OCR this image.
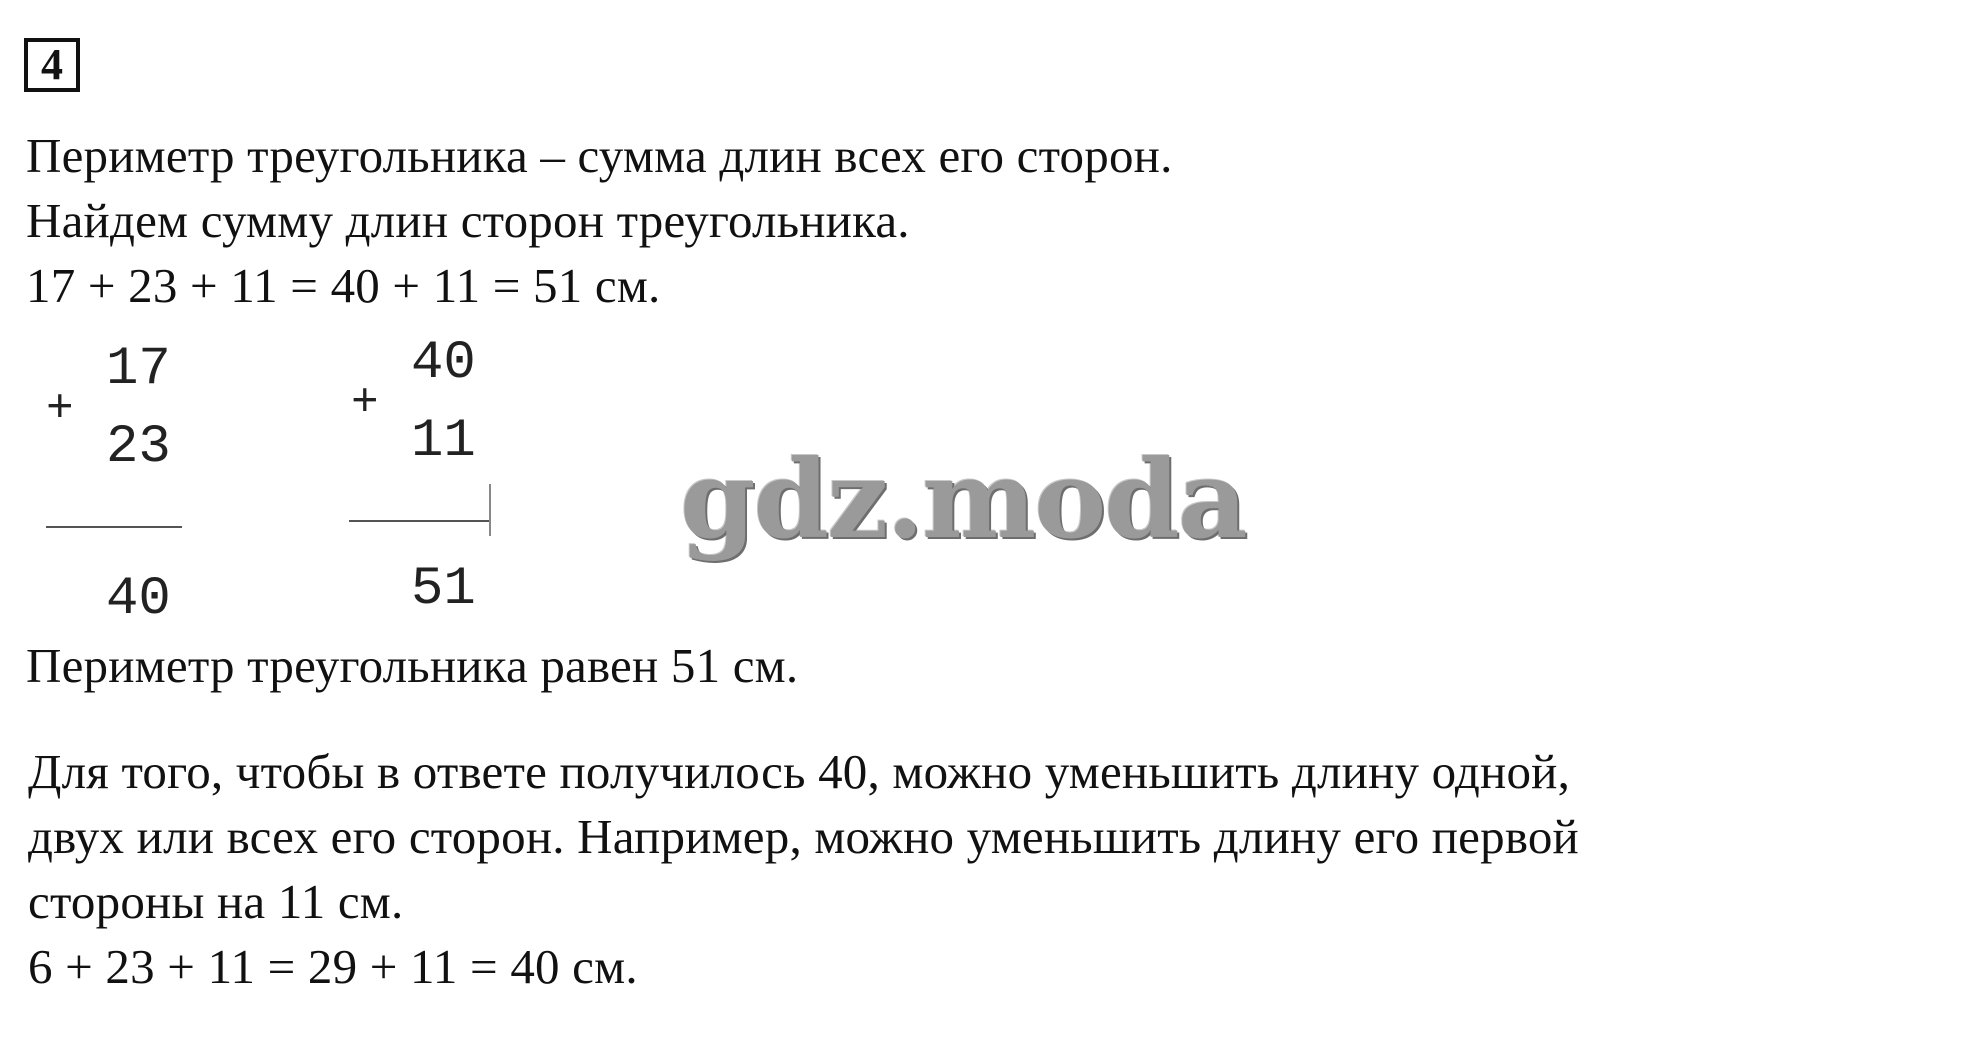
4
Периметр треугольника – сумма длин всех его сторон.
Найдем сумму длин сторон треугольника.
17 + 23 + 11 = 40 + 11 = 51 см.
+
17
23
40
+
40
11
51
gdz.moda
Периметр треугольника равен 51 см.
Для того, чтобы в ответе получилось 40, можно уменьшить длину одной,
двух или всех его сторон. Например, можно уменьшить длину его первой
стороны на 11 см.
6 + 23 + 11 = 29 + 11 = 40 см.
